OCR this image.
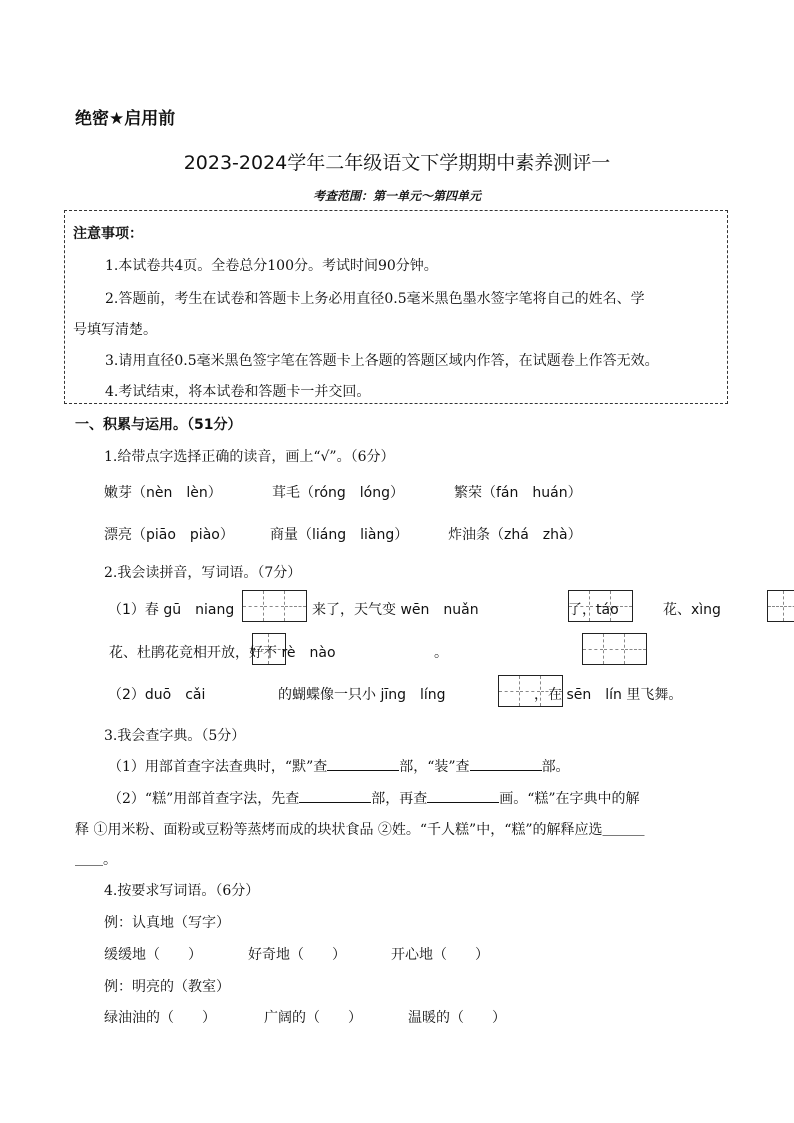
绝密★启用前
2023-2024学年二年级语文下学期期中素养测评一
考查范围：第一单元～第四单元
注意事项：
1.本试卷共4页。全卷总分100分。考试时间90分钟。
2.答题前，考生在试卷和答题卡上务必用直径0.5毫米黑色墨水签字笔将自己的姓名、学
号填写清楚。
3.请用直径0.5毫米黑色签字笔在答题卡上各题的答题区域内作答，在试题卷上作答无效。
4.考试结束，将本试卷和答题卡一并交回。
一、积累与运用。（51分）
1.给带点字选择正确的读音，画上“√”。（6分）
嫩芽（nèn　lèn）	茸毛（róng　lóng）	繁荣（fán　huán）
漂亮（piāo　piào）	商量（liáng　liàng）	炸油条（zhá　zhà）
2.我会读拼音，写词语。（7分）
（1）春 gū　niang
	来了，天气变 wēn　nuǎn
	了，táo
	花、xìng

花、杜鹃花竞相开放，好不 rè　nào
	。
（2）duō　cǎi
	的蝴蝶像一只小 jīng　líng	，在 sēn　lín 里飞舞。
3.我会查字典。（5分）
（1）用部首查字法查典时，“默”查	部，“装”查	部。
（2）“糕”用部首查字法，先查	部，再查	画。“糕”在字典中的解
释 ①用米粉、面粉或豆粉等蒸烤而成的块状食品 ②姓。“千人糕”中，“糕”的解释应选＿＿＿
＿＿。
4.按要求写词语。（6分）
例：认真地（写字）
缓缓地（　　）	好奇地（　　）	开心地（　　）
例：明亮的（教室）
绿油油的（　　）	广阔的（　　）	温暖的（　　）
